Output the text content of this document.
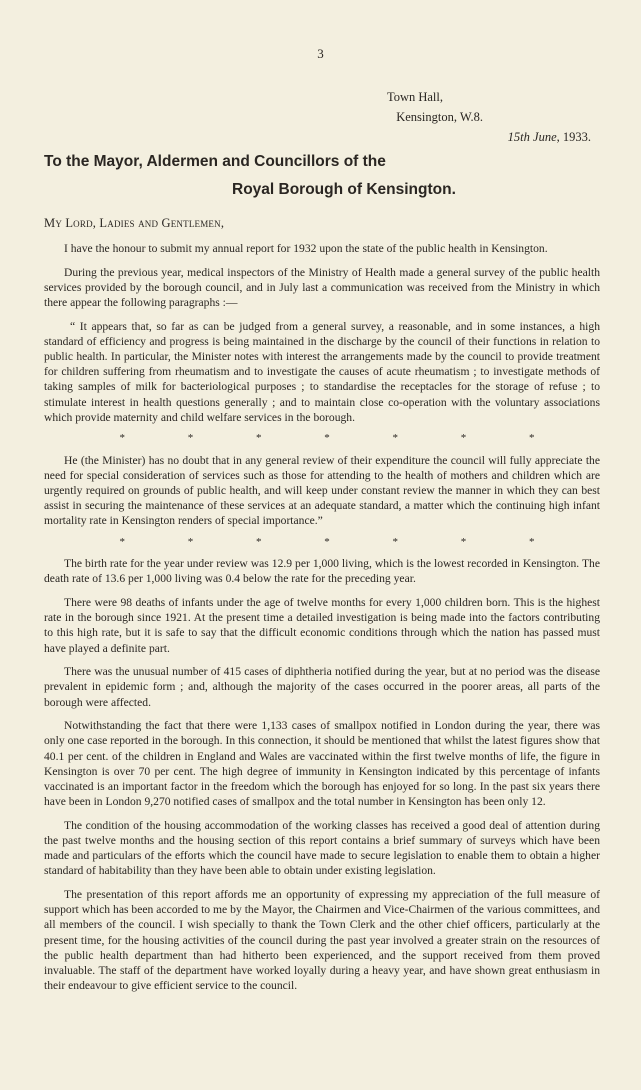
3
Town Hall,
Kensington, W.8.
15th June, 1933.
To the Mayor, Aldermen and Councillors of the
Royal Borough of Kensington.
My Lord, Ladies and Gentlemen,

I have the honour to submit my annual report for 1932 upon the state of the public health in Kensington.

During the previous year, medical inspectors of the Ministry of Health made a general survey of the public health services provided by the borough council, and in July last a communication was received from the Ministry in which there appear the following paragraphs :—

“ It appears that, so far as can be judged from a general survey, a reasonable, and in some instances, a high standard of efficiency and progress is being maintained in the discharge by the council of their functions in relation to public health. In particular, the Minister notes with interest the arrangements made by the council to provide treatment for children suffering from rheumatism and to investigate the causes of acute rheumatism ; to investigate methods of taking samples of milk for bacteriological purposes ; to standardise the receptacles for the storage of refuse ; to stimulate interest in health questions generally ; and to maintain close co-operation with the voluntary associations which provide maternity and child welfare services in the borough.

* * * * * * *

He (the Minister) has no doubt that in any general review of their expenditure the council will fully appreciate the need for special consideration of services such as those for attending to the health of mothers and children which are urgently required on grounds of public health, and will keep under constant review the manner in which they can best assist in securing the maintenance of these services at an adequate standard, a matter which the continuing high infant mortality rate in Kensington renders of special importance.”

* * * * * * *

The birth rate for the year under review was 12.9 per 1,000 living, which is the lowest recorded in Kensington. The death rate of 13.6 per 1,000 living was 0.4 below the rate for the preceding year.

There were 98 deaths of infants under the age of twelve months for every 1,000 children born. This is the highest rate in the borough since 1921. At the present time a detailed investigation is being made into the factors contributing to this high rate, but it is safe to say that the difficult economic conditions through which the nation has passed must have played a definite part.

There was the unusual number of 415 cases of diphtheria notified during the year, but at no period was the disease prevalent in epidemic form ; and, although the majority of the cases occurred in the poorer areas, all parts of the borough were affected.

Notwithstanding the fact that there were 1,133 cases of smallpox notified in London during the year, there was only one case reported in the borough. In this connection, it should be mentioned that whilst the latest figures show that 40.1 per cent. of the children in England and Wales are vaccinated within the first twelve months of life, the figure in Kensington is over 70 per cent. The high degree of immunity in Kensington indicated by this percentage of infants vaccinated is an important factor in the freedom which the borough has enjoyed for so long. In the past six years there have been in London 9,270 notified cases of smallpox and the total number in Kensington has been only 12.

The condition of the housing accommodation of the working classes has received a good deal of attention during the past twelve months and the housing section of this report contains a brief summary of surveys which have been made and particulars of the efforts which the council have made to secure legislation to enable them to obtain a higher standard of habitability than they have been able to obtain under existing legislation.

The presentation of this report affords me an opportunity of expressing my appreciation of the full measure of support which has been accorded to me by the Mayor, the Chairmen and Vice-Chairmen of the various committees, and all members of the council. I wish specially to thank the Town Clerk and the other chief officers, particularly at the present time, for the housing activities of the council during the past year involved a greater strain on the resources of the public health department than had hitherto been experienced, and the support received from them proved invaluable. The staff of the department have worked loyally during a heavy year, and have shown great enthusiasm in their endeavour to give efficient service to the council.
